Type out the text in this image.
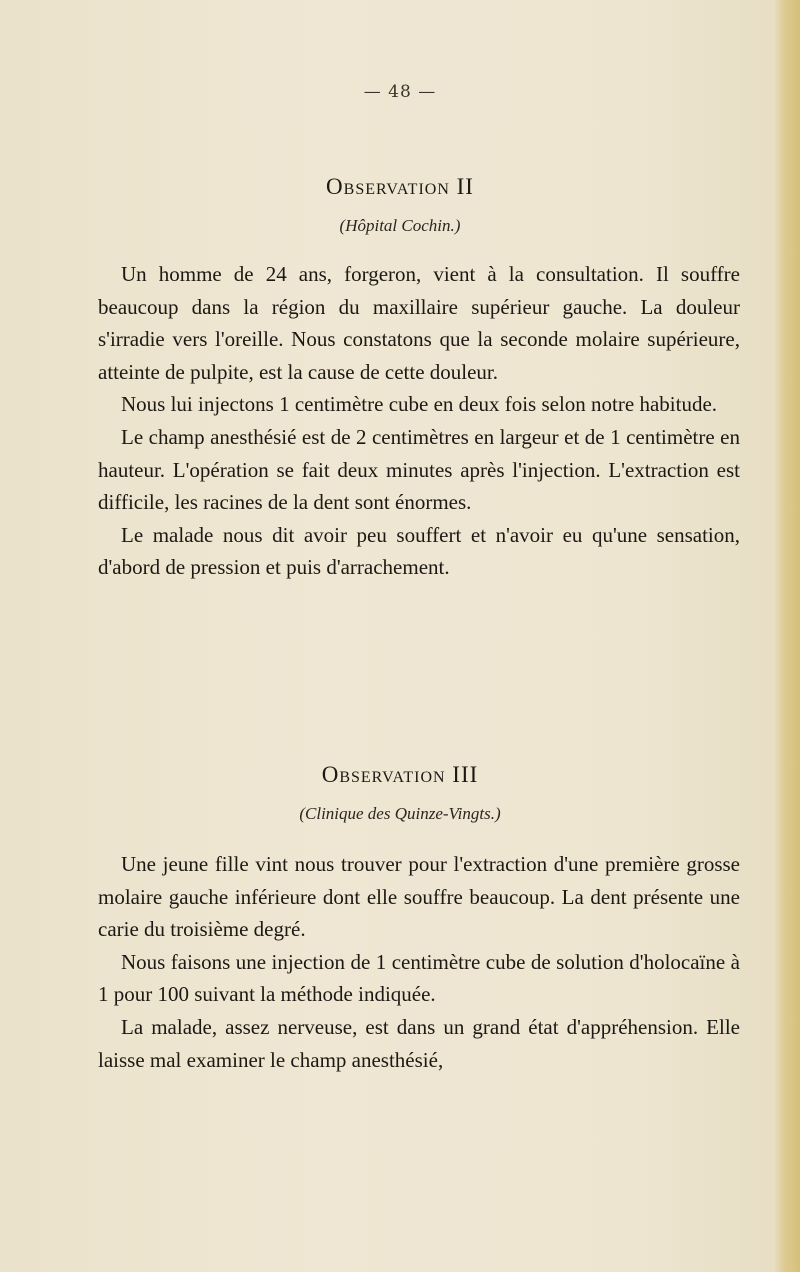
— 48 —
Observation II
(Hôpital Cochin.)

Un homme de 24 ans, forgeron, vient à la consultation. Il souffre beaucoup dans la région du maxillaire supérieur gauche. La douleur s'irradie vers l'oreille. Nous constatons que la seconde molaire supérieure, atteinte de pulpite, est la cause de cette douleur.

Nous lui injectons 1 centimètre cube en deux fois selon notre habitude.

Le champ anesthésié est de 2 centimètres en largeur et de 1 centimètre en hauteur. L'opération se fait deux minutes après l'injection. L'extraction est difficile, les racines de la dent sont énormes.

Le malade nous dit avoir peu souffert et n'avoir eu qu'une sensation, d'abord de pression et puis d'arrachement.

Observation III
(Clinique des Quinze-Vingts.)

Une jeune fille vint nous trouver pour l'extraction d'une première grosse molaire gauche inférieure dont elle souffre beaucoup. La dent présente une carie du troisième degré.

Nous faisons une injection de 1 centimètre cube de solution d'holocaïne à 1 pour 100 suivant la méthode indiquée.

La malade, assez nerveuse, est dans un grand état d'appréhension. Elle laisse mal examiner le champ anesthésié,
